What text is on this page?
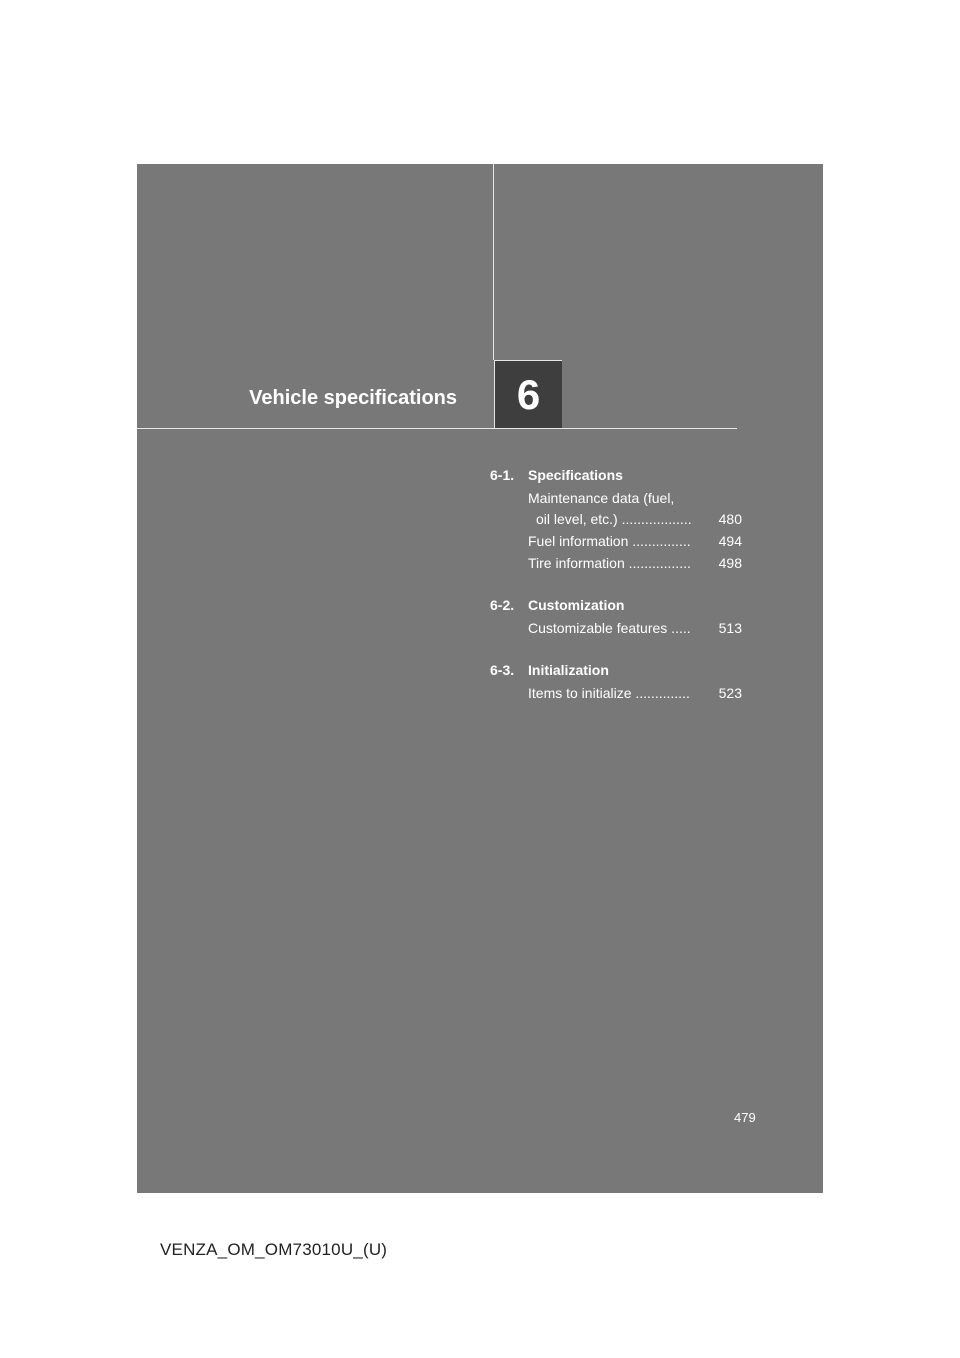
Vehicle specifications 6
6-1. Specifications
Maintenance data (fuel,
oil level, etc.) ..................	480
Fuel information ...............	494
Tire information ................	498
6-2. Customization
Customizable features .....	513
6-3. Initialization
Items to initialize ..............	523
479
VENZA_OM_OM73010U_(U)
